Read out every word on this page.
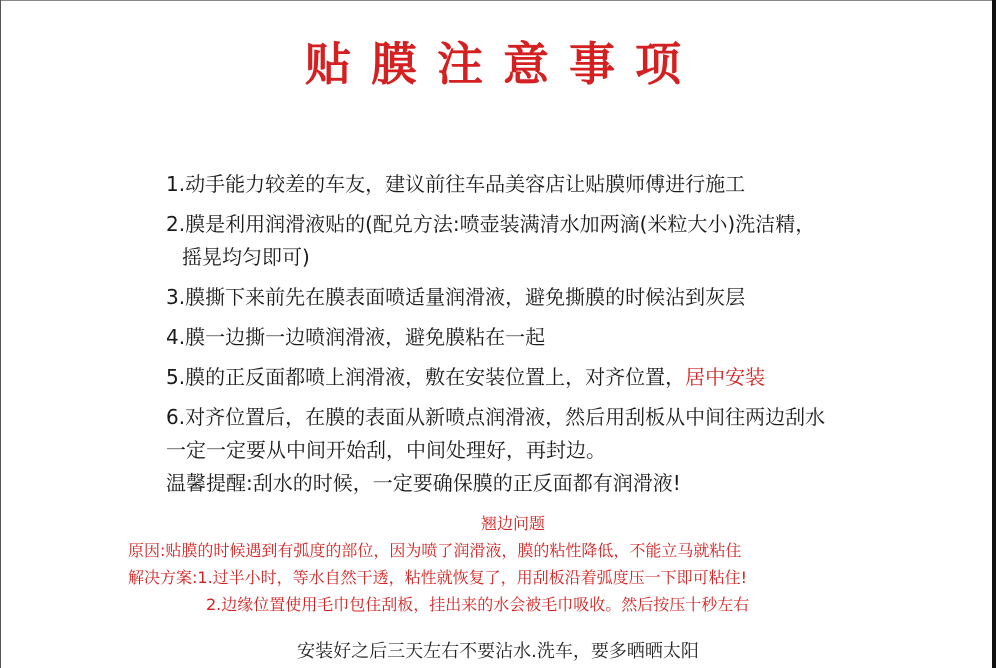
贴膜注意事项
1.动手能力较差的车友，建议前往车品美容店让贴膜师傅进行施工
2.膜是利用润滑液贴的(配兑方法:喷壶装满清水加两滴(米粒大小)洗洁精，
摇晃均匀即可)
3.膜撕下来前先在膜表面喷适量润滑液，避免撕膜的时候沾到灰层
4.膜一边撕一边喷润滑液，避免膜粘在一起
5.膜的正反面都喷上润滑液，敷在安装位置上，对齐位置，居中安装
6.对齐位置后，在膜的表面从新喷点润滑液，然后用刮板从中间往两边刮水
一定一定要从中间开始刮，中间处理好，再封边。
温馨提醒:刮水的时候，一定要确保膜的正反面都有润滑液!
翘边问题
原因:贴膜的时候遇到有弧度的部位，因为喷了润滑液，膜的粘性降低，不能立马就粘住
解决方案:1.过半小时，等水自然干透，粘性就恢复了，用刮板沿着弧度压一下即可粘住!
2.边缘位置使用毛巾包住刮板，挂出来的水会被毛巾吸收。然后按压十秒左右
安装好之后三天左右不要沾水.洗车，要多晒晒太阳
